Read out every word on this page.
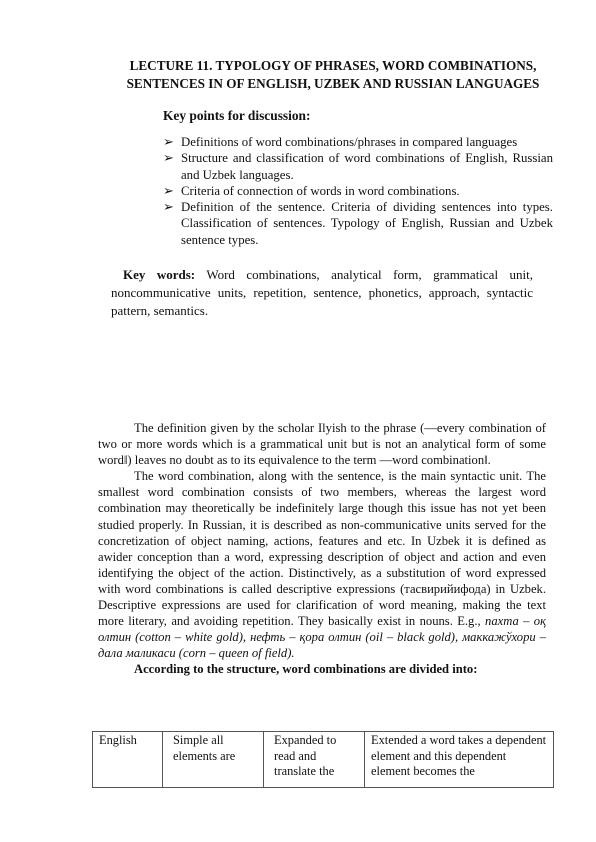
LECTURE 11. TYPOLOGY OF PHRASES, WORD COMBINATIONS,
SENTENCES IN OF ENGLISH, UZBEK AND RUSSIAN LANGUAGES
Key points for discussion:
➢ Definitions of word combinations/phrases in compared languages
➢ Structure and classification of word combinations of English, Russian and Uzbek languages.
➢ Criteria of connection of words in word combinations.
➢ Definition of the sentence. Criteria of dividing sentences into types. Classification of sentences. Typology of English, Russian and Uzbek sentence types.
Key words: Word combinations, analytical form, grammatical unit, noncommunicative units, repetition, sentence, phonetics, approach, syntactic pattern, semantics.

The definition given by the scholar Ilyish to the phrase (―every combination of two or more words which is a grammatical unit but is not an analytical form of some word‖) leaves no doubt as to its equivalence to the term ―word combination‖.

The word combination, along with the sentence, is the main syntactic unit. The smallest word combination consists of two members, whereas the largest word combination may theoretically be indefinitely large though this issue has not yet been studied properly. In Russian, it is described as non-communicative units served for the concretization of object naming, actions, features and etc. In Uzbek it is defined as awider conception than a word, expressing description of object and action and even identifying the object of the action. Distinctively, as a substitution of word expressed with word combinations is called descriptive expressions (тасвирийифода) in Uzbek. Descriptive expressions are used for clarification of word meaning, making the text more literary, and avoiding repetition. They basically exist in nouns. E.g., пахта – оқ олтин (cotton – white gold), нефть – қора олтин (oil – black gold), маккажўхори – дала маликаси (corn – queen of field).

According to the structure, word combinations are divided into:

English	Simple all elements are	Expanded to read and translate the	Extended a word takes a dependent element and this dependent element becomes the
